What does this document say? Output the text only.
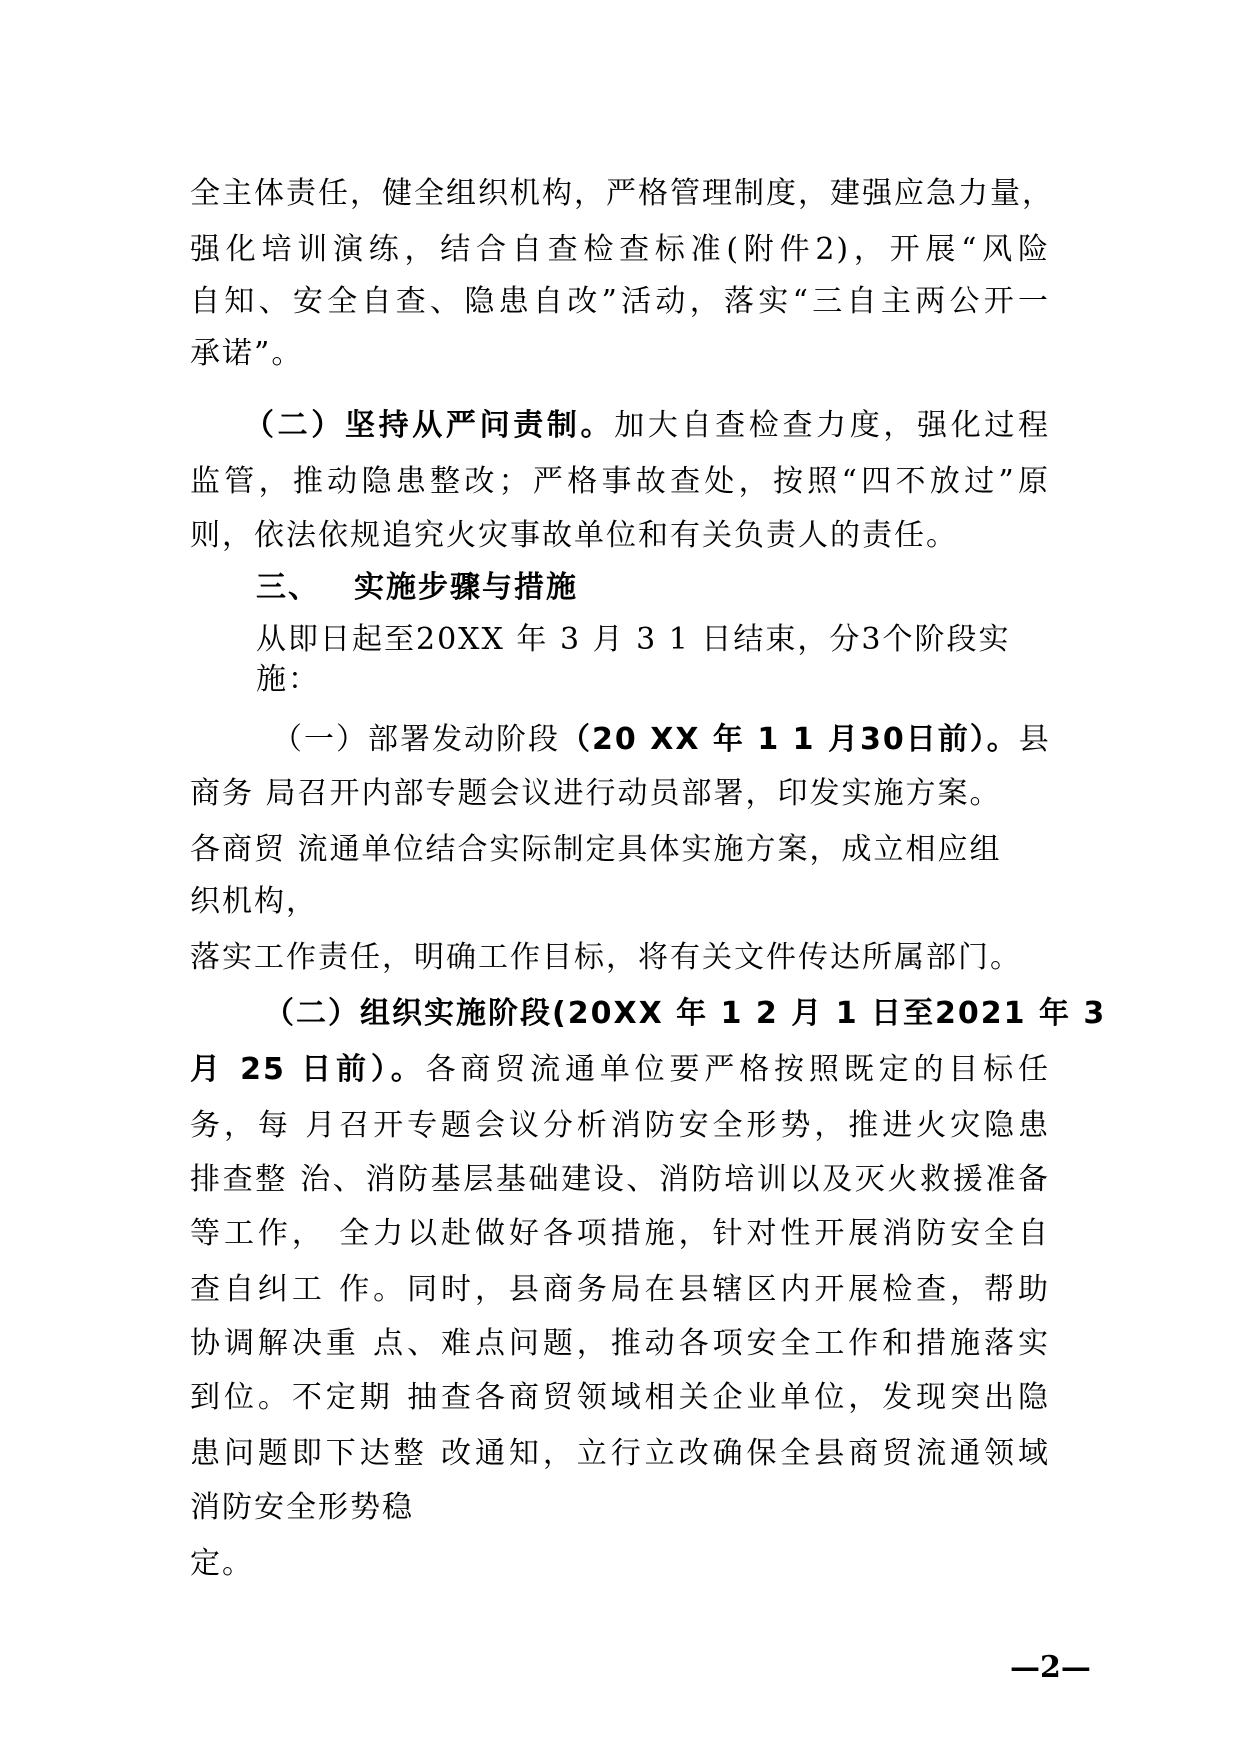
全主体责任，健全组织机构，严格管理制度，建强应急力量，
强化培训演练，结合自查检查标准(附件2)，开展“风险
自知、安全自查、隐患自改”活动，落实“三自主两公开一
承诺”。
（二）坚持从严问责制。加大自查检查力度，强化过程
监管，推动隐患整改；严格事故查处，按照“四不放过”原
则，依法依规追究火灾事故单位和有关负责人的责任。
三、 实施步骤与措施
从即日起至20XX 年 3 月 3 1 日结束，分3个阶段实
施：
（一）部署发动阶段（20 XX 年 1 1 月30日前）。县
商务 局召开内部专题会议进行动员部署，印发实施方案。
各商贸 流通单位结合实际制定具体实施方案，成立相应组
织机构，
落实工作责任，明确工作目标，将有关文件传达所属部门。
（二）组织实施阶段(20XX 年 1 2 月 1 日至2021 年 3
月 25 日前）。各商贸流通单位要严格按照既定的目标任
务，每 月召开专题会议分析消防安全形势，推进火灾隐患
排查整 治、消防基层基础建设、消防培训以及灭火救援准备
等工作， 全力以赴做好各项措施，针对性开展消防安全自
查自纠工 作。同时，县商务局在县辖区内开展检查，帮助
协调解决重 点、难点问题，推动各项安全工作和措施落实
到位。不定期 抽查各商贸领域相关企业单位，发现突出隐
患问题即下达整 改通知，立行立改确保全县商贸流通领域
消防安全形势稳
定。
—2—
